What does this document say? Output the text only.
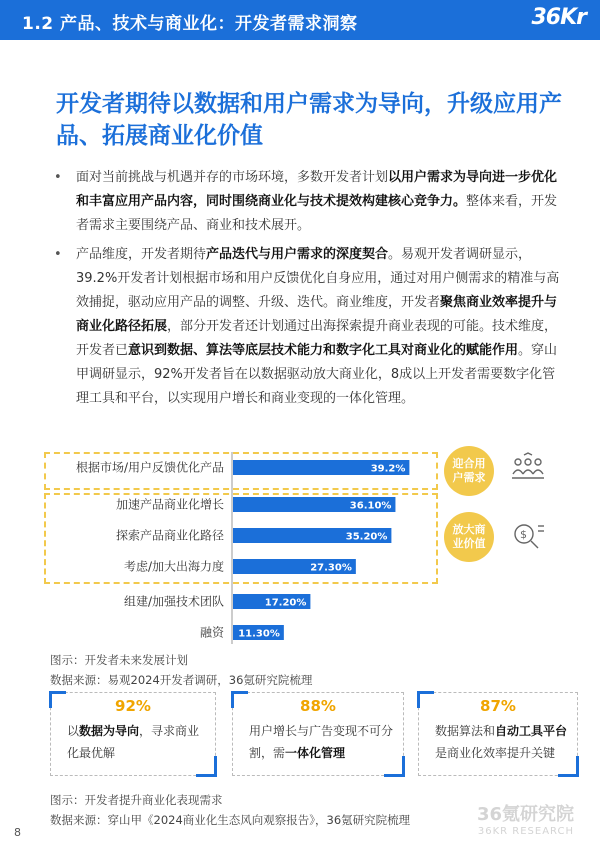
1.2 产品、技术与商业化：开发者需求洞察	36Kr
开发者期待以数据和用户需求为导向，升级应用产品、拓展商业化价值
• 面对当前挑战与机遇并存的市场环境，多数开发者计划以用户需求为导向进一步优化和丰富应用产品内容，同时围绕商业化与技术提效构建核心竞争力。整体来看，开发者需求主要围绕产品、商业和技术展开。
• 产品维度，开发者期待产品迭代与用户需求的深度契合。易观开发者调研显示，39.2%开发者计划根据市场和用户反馈优化自身应用，通过对用户侧需求的精准与高效捕捉，驱动应用产品的调整、升级、迭代。商业维度，开发者聚焦商业效率提升与商业化路径拓展，部分开发者还计划通过出海探索提升商业表现的可能。技术维度，开发者已意识到数据、算法等底层技术能力和数字化工具对商业化的赋能作用。穿山甲调研显示，92%开发者旨在以数据驱动放大商业化，8成以上开发者需要数字化管理工具和平台，以实现用户增长和商业变现的一体化管理。
根据市场/用户反馈优化产品	39.2%
加速产品商业化增长	36.10%
探索产品商业化路径	35.20%
考虑/加大出海力度	27.30%
组建/加强技术团队	17.20%
融资 11.30%
迎合用户需求
放大商业价值
$
图示：开发者未来发展计划
数据来源：易观2024开发者调研，36氪研究院梳理
92%
以数据为导向，寻求商业化最优解
88%
用户增长与广告变现不可分割，需一体化管理
87%
数据算法和自动工具平台是商业化效率提升关键
图示：开发者提升商业化表现需求
数据来源：穿山甲《2024商业化生态风向观察报告》，36氪研究院梳理	36氪研究院
36KR RESEARCH
8
